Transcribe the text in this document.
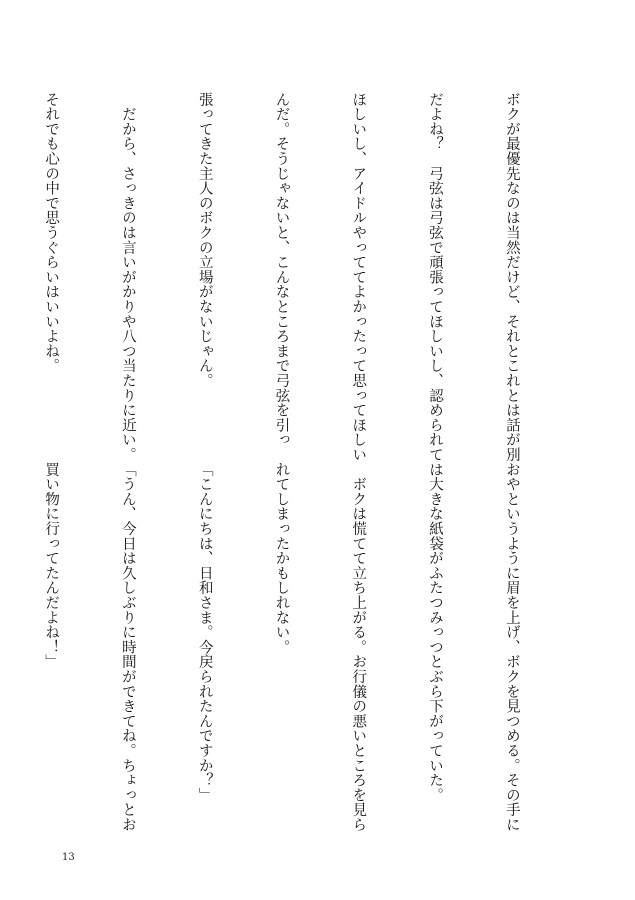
ボクが最優先なのは当然だけど、それとこれとは話が別

だよね？　弓弦は弓弦で頑張ってほしいし、認められて

ほしいし、アイドルやっててよかったって思ってほしい

んだ。そうじゃないと、こんなところまで弓弦を引っ

張ってきた主人のボクの立場がないじゃん。

　だから、さっきのは言いがかりや八つ当たりに近い。

それでも心の中で思うぐらいはいいよね。

おやというように眉を上げ、ボクを見つめる。その手に

は大きな紙袋がふたつみっつとぶら下がっていた。

　ボクは慌てて立ち上がる。お行儀の悪いところを見ら

れてしまったかもしれない。

「こんにちは、日和さま。今戻られたんですか？」

「うん、今日は久しぶりに時間ができてね。ちょっとお

買い物に行ってたんだよね！」

13
